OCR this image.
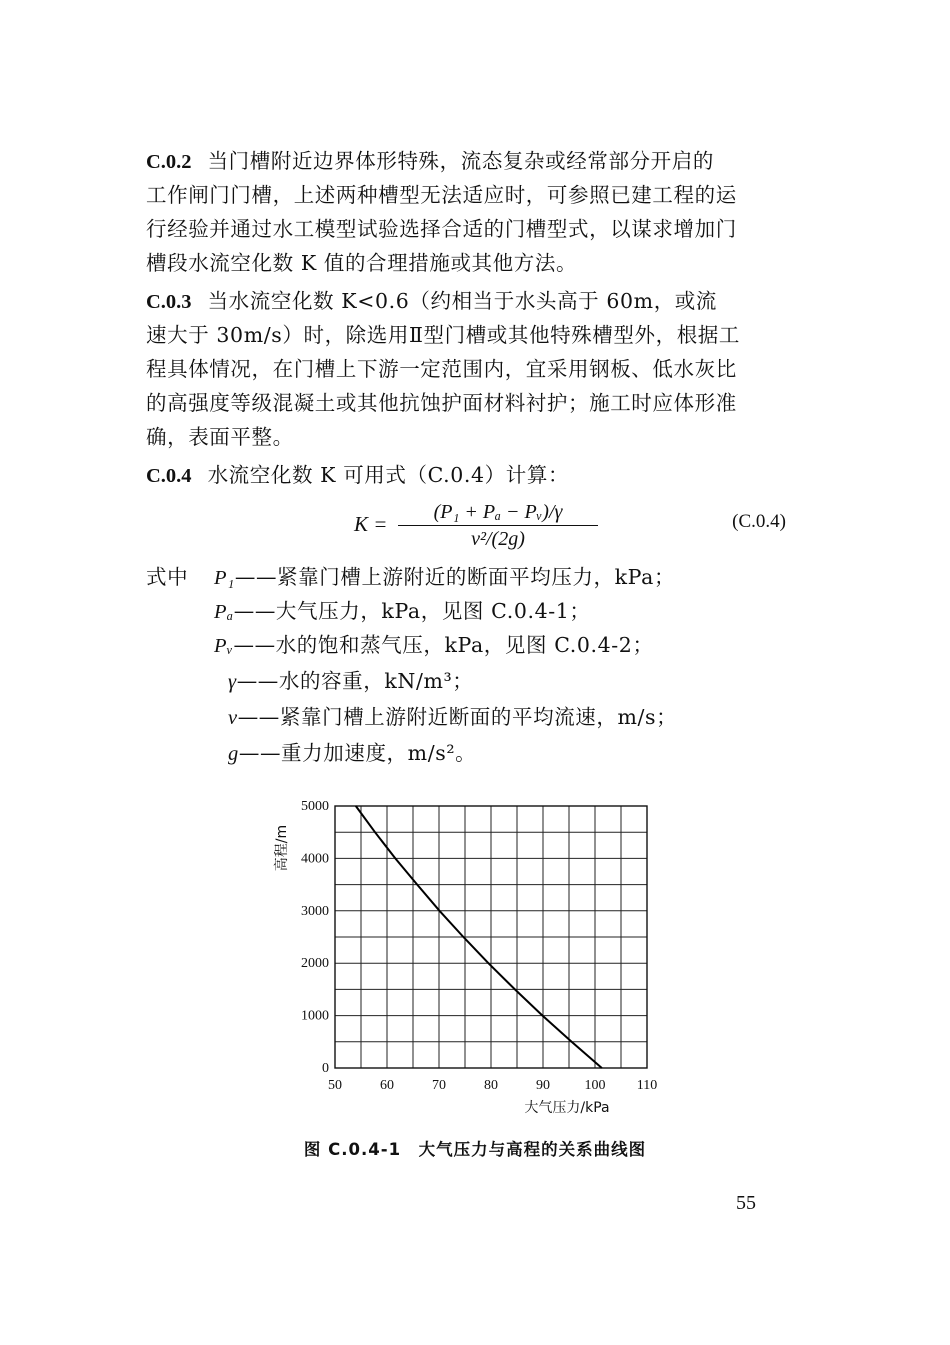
C.0.2 当门槽附近边界体形特殊，流态复杂或经常部分开启的
工作闸门门槽，上述两种槽型无法适应时，可参照已建工程的运
行经验并通过水工模型试验选择合适的门槽型式，以谋求增加门
槽段水流空化数 K 值的合理措施或其他方法。
C.0.3 当水流空化数 K<0.6（约相当于水头高于 60m，或流
速大于 30m/s）时，除选用Ⅱ型门槽或其他特殊槽型外，根据工
程具体情况，在门槽上下游一定范围内，宜采用钢板、低水灰比
的高强度等级混凝土或其他抗蚀护面材料衬护；施工时应体形准
确，表面平整。
C.0.4 水流空化数 K 可用式（C.0.4）计算：
K =	(P₁ + Pₐ − Pᵥ)/γ
v²/(2g)
(C.0.4)
式中 P₁——紧靠门槽上游附近的断面平均压力，kPa；
Pₐ——大气压力，kPa，见图 C.0.4-1；
Pᵥ——水的饱和蒸气压，kPa，见图 C.0.4-2；
γ——水的容重，kN/m³；
v——紧靠门槽上游附近断面的平均流速，m/s；
g——重力加速度，m/s²。
50	60	70	80	90 100 110
0
1000
2000
3000
4000
5000
大气压力/kPa
高程/m
图 C.0.4-1　大气压力与高程的关系曲线图
55
